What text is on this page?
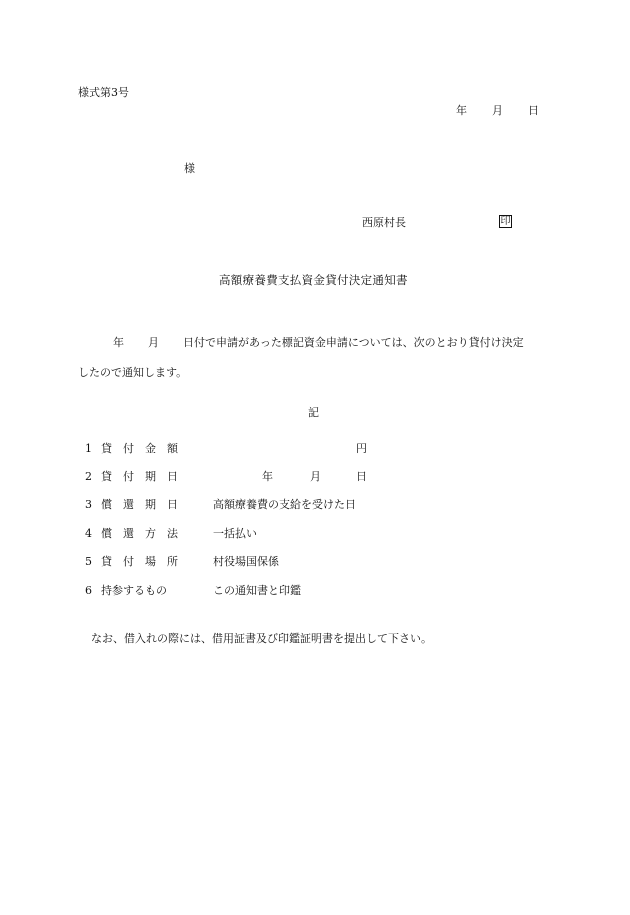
様式第3号
年 月 日
様
西原村長	印
高額療養費支払資金貸付決定通知書
年 月 日付で申請があった標記資金申請については、次のとおり貸付け決定
したので通知します。
記
1 貸　付　金　額	円
2 貸　付　期　日	年	月	日
3 償　還　期　日	高額療養費の支給を受けた日
4 償　還　方　法	一括払い
5 貸　付　場　所	村役場国保係
6 持参するもの	この通知書と印鑑
なお、借入れの際には、借用証書及び印鑑証明書を提出して下さい。
